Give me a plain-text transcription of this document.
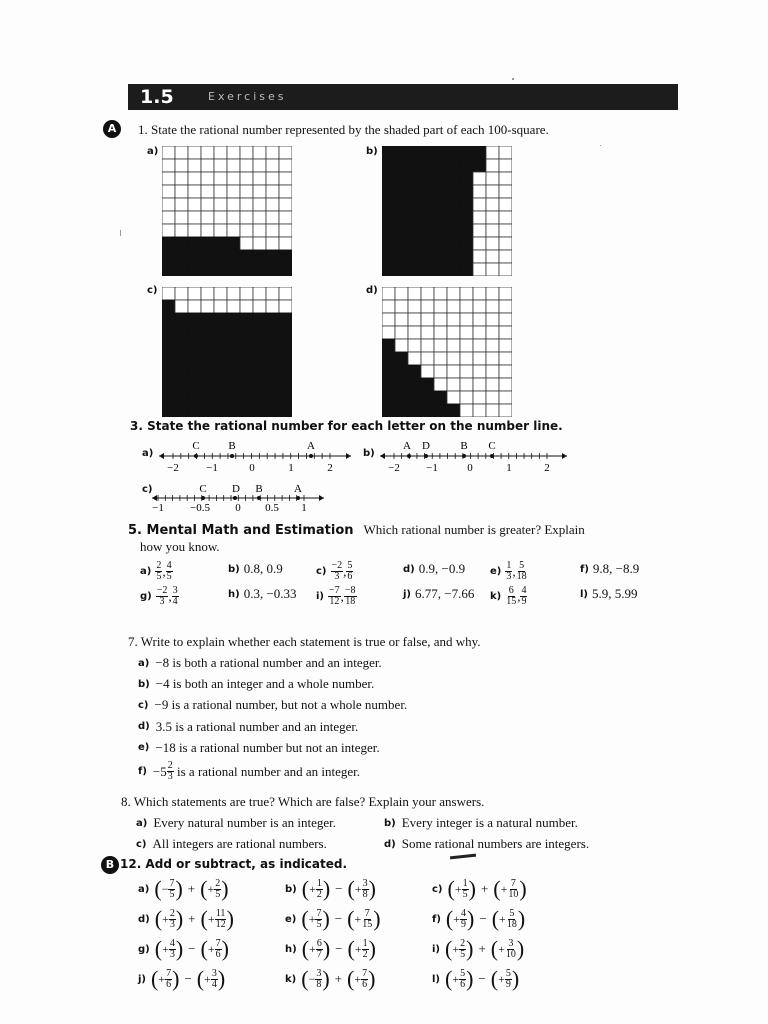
1.5	Exercises
A	1. State the rational number represented by the shaded part of each 100-square.
a)	b)
c)	d)
3. State the rational number for each letter on the number line.
a)
−2 −1	0	1	2
C	B	A
b)
−2 −1	0	1	2
A D	B C
c)
−1 −0.5 0 0.5 1
C D B	A
5. Mental Math and Estimation Which rational number is greater? Explain
how you know.
$a) \frac{2}{5}$ , $\frac{4}{5}$	b) 0.8, 0.9	$c) \frac{-2}{3}$ , $\frac{5}{6}$	d) 0.9, −0.9 $e) \frac{1}{3}$ , $\frac{5}{18}$	f) 9.8, −8.9
$g) \frac{-2}{3}$ , $\frac{3}{4}$	h) 0.3, −0.33 $i) \frac{-7}{12}$ , $\frac{-8}{18}$	j) 6.77, −7.66 $k) \frac{6}{15}$ , $\frac{4}{9}$	l) 5.9, 5.99
7. Write to explain whether each statement is true or false, and why.
a) −8 is both a rational number and an integer.
b) −4 is both an integer and a whole number.
c) −9 is a rational number, but not a whole number.
d) 3.5 is a rational number and an integer.
e) −18 is a rational number but not an integer.
$f) -5 \frac{2}{3}$ is a rational number and an integer.
8. Which statements are true? Which are false? Explain your answers.
a) Every natural number is an integer.	b) Every integer is a natural number.
c) All integers are rational numbers.	d) Some rational numbers are integers.
B 12. Add or subtract, as indicated.
a) ( − $\frac{7}{5}$ ) + ( + $\frac{2}{5}$ )	b) ( + $\frac{1}{2}$ ) − ( + $\frac{3}{8}$ )	c) ( + $\frac{1}{5}$ ) + ( + $\frac{7}{10}$ )
d) ( + $\frac{2}{3}$ ) + ( + $\frac{11}{12}$ )	e) ( + $\frac{7}{5}$ ) − ( + $\frac{7}{15}$ )	f) ( + $\frac{4}{9}$ ) − ( + $\frac{5}{18}$ )
g) ( + $\frac{4}{3}$ ) − ( + $\frac{7}{6}$ )	h) ( + $\frac{6}{7}$ ) − ( + $\frac{1}{2}$ )	i) ( + $\frac{2}{5}$ ) + ( + $\frac{3}{10}$ )
j) ( + $\frac{7}{6}$ ) − ( + $\frac{3}{4}$ )	k) ( − $\frac{3}{8}$ ) + ( + $\frac{7}{6}$ )	l) ( + $\frac{5}{6}$ ) − ( + $\frac{5}{9}$ )
